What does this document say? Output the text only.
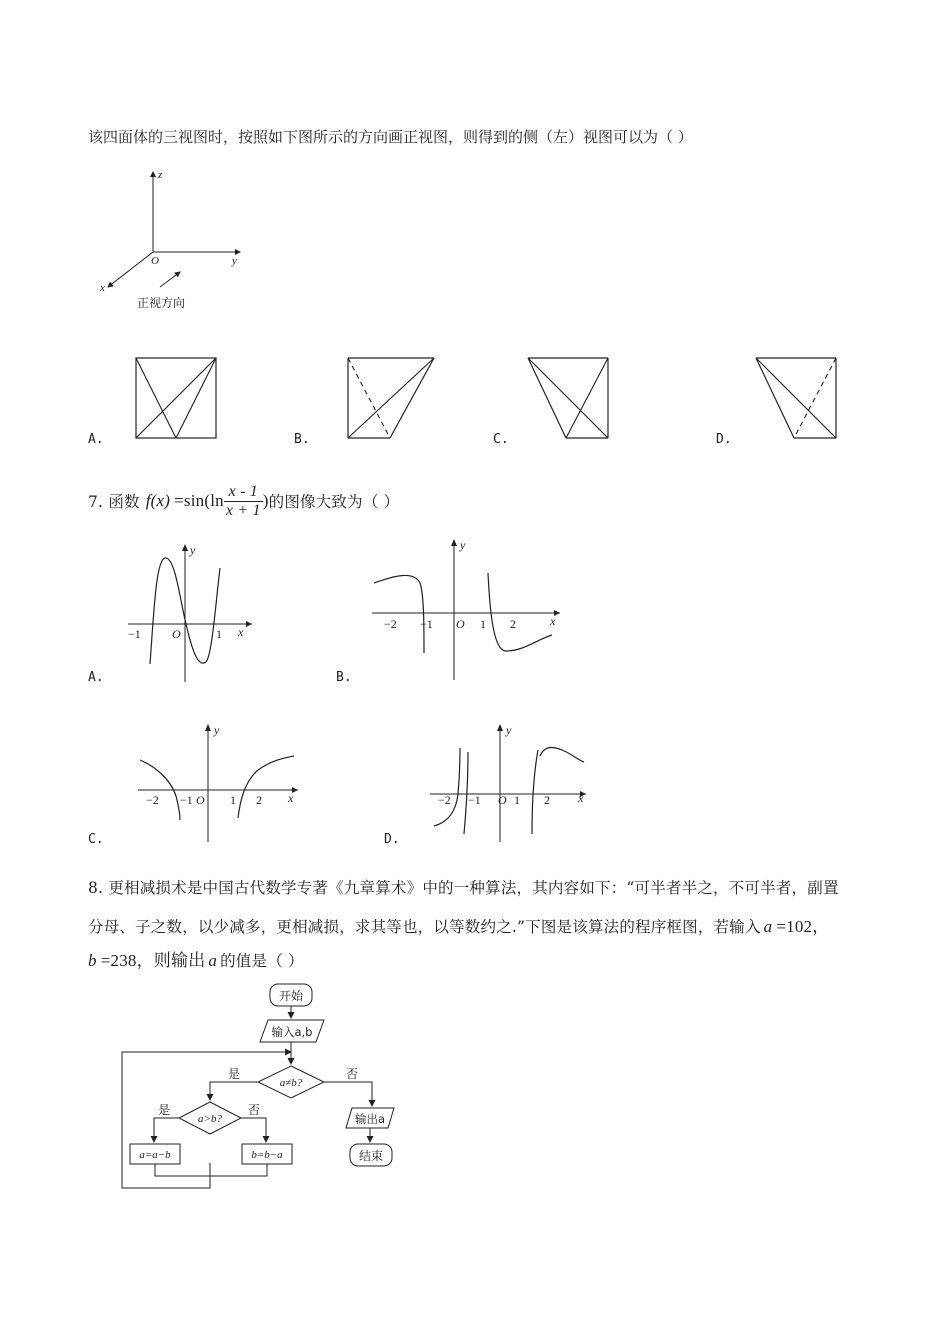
该四面体的三视图时，按照如下图所示的方向画正视图，则得到的侧（左）视图可以为（ ）
z
y
x
O
正视方向
A.	B.	C.	D.
7. 函数 f $(x) =\sin(\ln \frac{x - 1}{x + 1}$ ) 的图像大致为（ ）
A.
−1	O	1 x
y
B.
−2 −1 O 1 2	x
y
C.
−2 −1 O 1 2 x
y
D.
−2 −1 O 1 2 x
y
8. 更相减损术是中国古代数学专著《九章算术》中的一种算法，其内容如下：“可半者半之，不可半者，副置
分母、子之数，以少减多，更相减损，求其等也，以等数约之.”下图是该算法的程序框图，若输入 a =102，
b =238，则输出 a 的值是（ ）
开始
输入a,b
a≠b?
是	否
a>b?
是	否
a=a−b	b=b−a
输出a
结束
